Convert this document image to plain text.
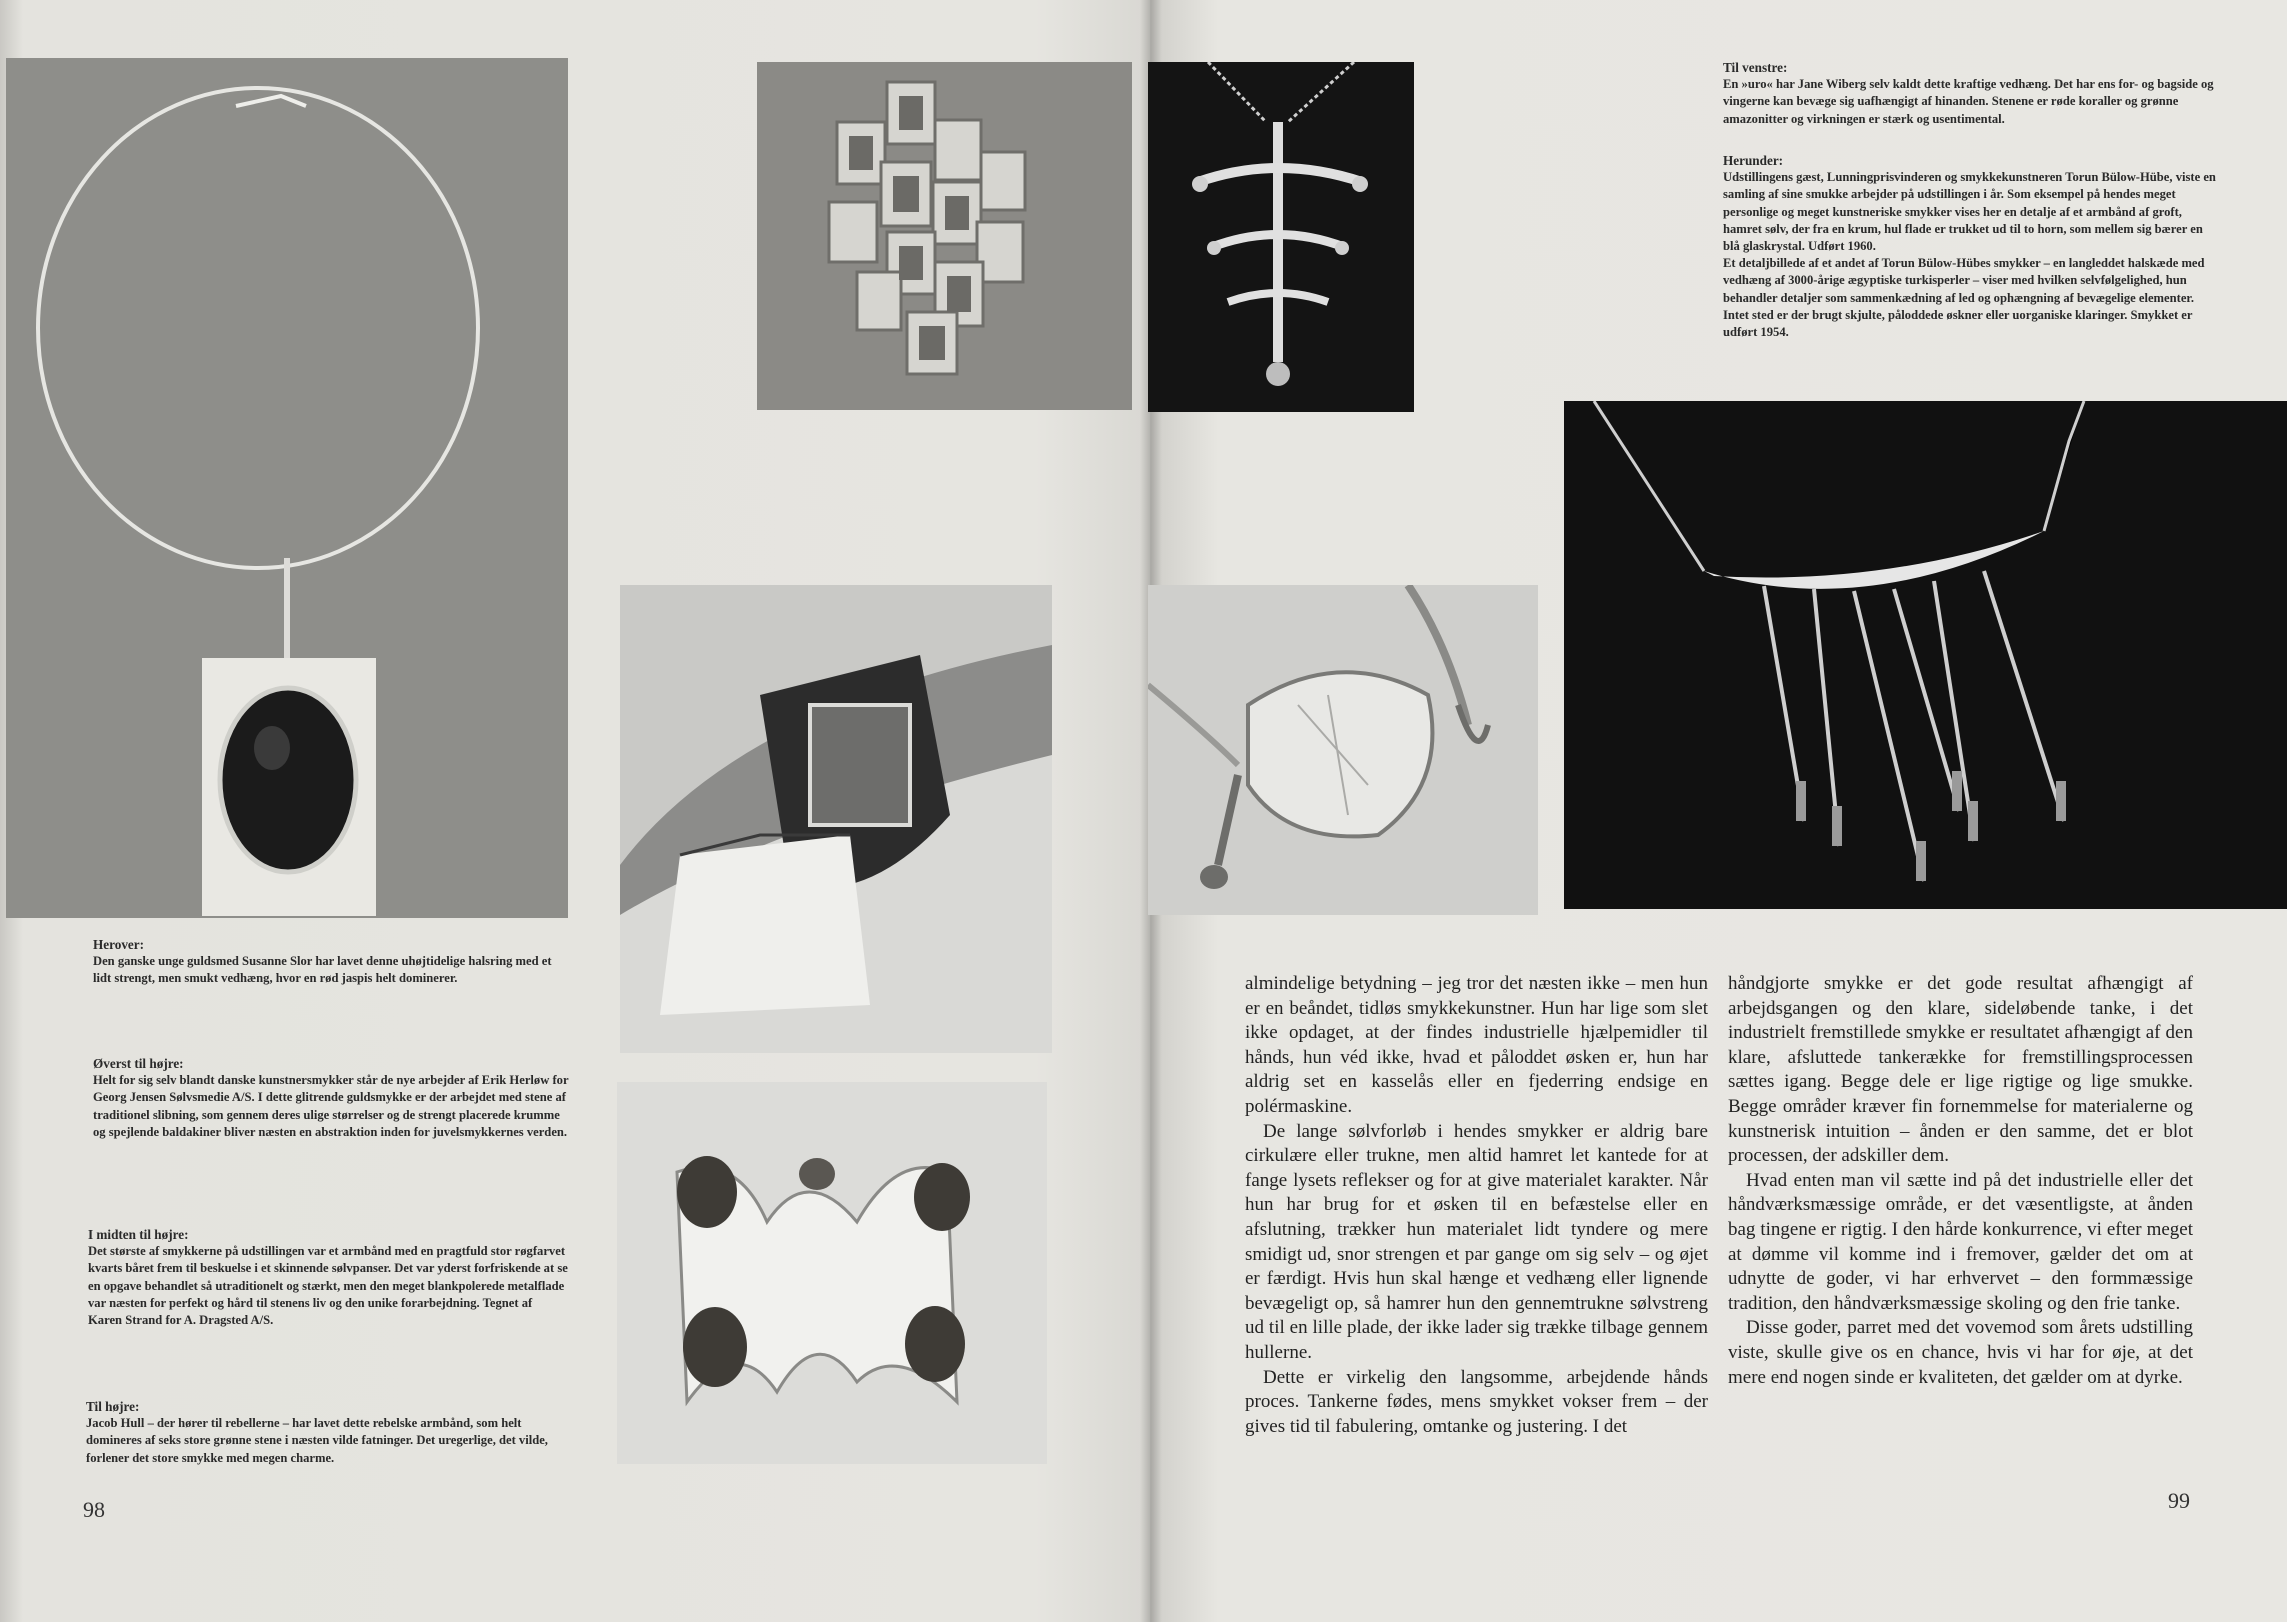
Herover:

Den ganske unge guldsmed Susanne Slor har lavet denne uhøjtidelige halsring med et lidt strengt, men smukt vedhæng, hvor en rød jaspis helt dominerer.

Øverst til højre:

Helt for sig selv blandt danske kunstnersmykker står de nye arbejder af Erik Herløw for Georg Jensen Sølvsmedie A/S. I dette glitrende guldsmykke er der arbejdet med stene af traditionel slibning, som gennem deres ulige størrelser og de strengt placerede krumme og spejlende baldakiner bliver næsten en abstraktion inden for juvelsmykkernes verden.

I midten til højre:

Det største af smykkerne på udstillingen var et armbånd med en pragtfuld stor røgfarvet kvarts båret frem til beskuelse i et skinnende sølvpanser. Det var yderst forfriskende at se en opgave behandlet så utraditionelt og stærkt, men den meget blankpolerede metalflade var næsten for perfekt og hård til stenens liv og den unike forarbejdning. Tegnet af Karen Strand for A. Dragsted A/S.

Til højre:

Jacob Hull – der hører til rebellerne – har lavet dette rebelske armbånd, som helt domineres af seks store grønne stene i næsten vilde fatninger. Det uregerlige, det vilde, forlener det store smykke med megen charme.

Til venstre:

En »uro« har Jane Wiberg selv kaldt dette kraftige vedhæng. Det har ens for- og bagside og vingerne kan bevæge sig uafhængigt af hinanden. Stenene er røde koraller og grønne amazonitter og virkningen er stærk og usentimental.

Herunder:

Udstillingens gæst, Lunningprisvinderen og smykkekunstneren Torun Bülow-Hübe, viste en samling af sine smukke arbejder på udstillingen i år. Som eksempel på hendes meget personlige og meget kunstneriske smykker vises her en detalje af et armbånd af groft, hamret sølv, der fra en krum, hul flade er trukket ud til to horn, som mellem sig bærer en blå glaskrystal. Udført 1960.

Et detaljbillede af et andet af Torun Bülow-Hübes smykker – en langleddet halskæde med vedhæng af 3000-årige ægyptiske turkisperler – viser med hvilken selvfølgelighed, hun behandler detaljer som sammenkædning af led og ophængning af bevægelige elementer. Intet sted er der brugt skjulte, påloddede øskner eller uorganiske klaringer. Smykket er udført 1954.

almindelige betydning – jeg tror det næsten ikke – men hun er en beåndet, tidløs smykkekunstner. Hun har lige som slet ikke opdaget, at der findes industrielle hjælpemidler til hånds, hun véd ikke, hvad et påloddet øsken er, hun har aldrig set en kasselås eller en fjederring endsige en polérmaskine.

De lange sølvforløb i hendes smykker er aldrig bare cirkulære eller trukne, men altid hamret let kantede for at fange lysets reflekser og for at give materialet karakter. Når hun har brug for et øsken til en befæstelse eller en afslutning, trækker hun materialet lidt tyndere og mere smidigt ud, snor strengen et par gange om sig selv – og øjet er færdigt. Hvis hun skal hænge et vedhæng eller lignende bevægeligt op, så hamrer hun den gennemtrukne sølvstreng ud til en lille plade, der ikke lader sig trække tilbage gennem hullerne.

Dette er virkelig den langsomme, arbejdende hånds proces. Tankerne fødes, mens smykket vokser frem – der gives tid til fabulering, omtanke og justering. I det

håndgjorte smykke er det gode resultat afhængigt af arbejdsgangen og den klare, sideløbende tanke, i det industrielt fremstillede smykke er resultatet afhængigt af den klare, afsluttede tankerække for fremstillingsprocessen sættes igang. Begge dele er lige rigtige og lige smukke. Begge områder kræver fin fornemmelse for materialerne og kunstnerisk intuition – ånden er den samme, det er blot processen, der adskiller dem.

Hvad enten man vil sætte ind på det industrielle eller det håndværksmæssige område, er det væsentligste, at ånden bag tingene er rigtig. I den hårde konkurrence, vi efter meget at dømme vil komme ind i fremover, gælder det om at udnytte de goder, vi har erhvervet – den formmæssige tradition, den håndværksmæssige skoling og den frie tanke.

Disse goder, parret med det vovemod som årets udstilling viste, skulle give os en chance, hvis vi har for øje, at det mere end nogen sinde er kvaliteten, det gælder om at dyrke.

98	99
